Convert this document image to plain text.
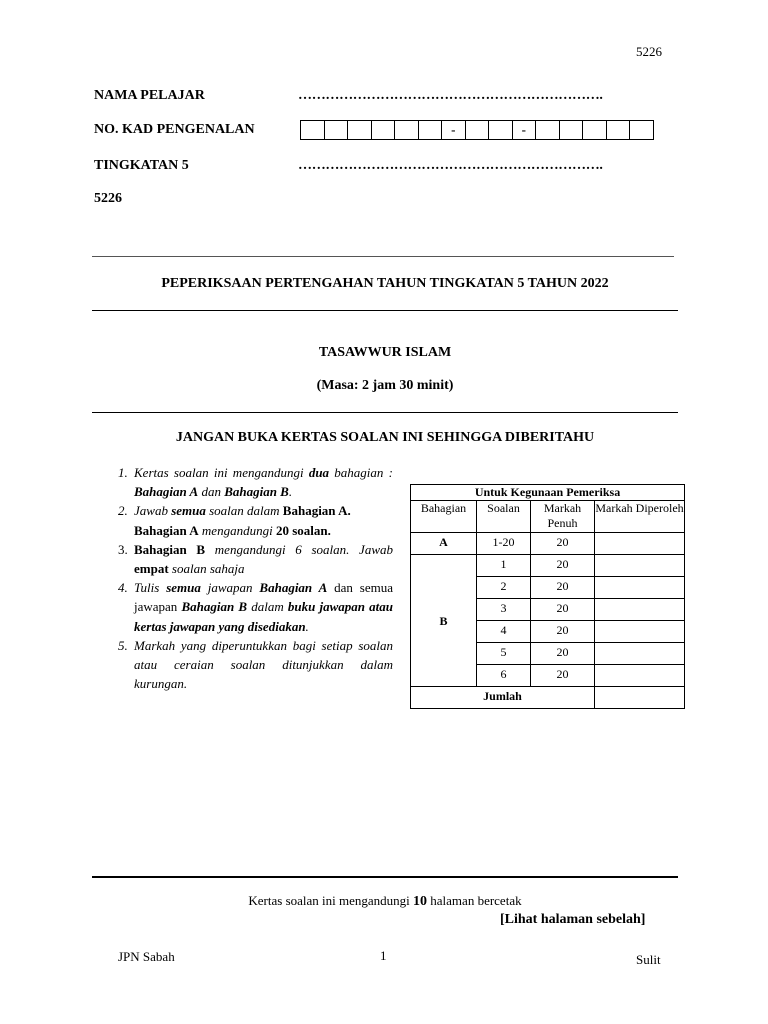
5226
NAMA PELAJAR	………………………………………………………….
NO. KAD PENGENALAN	-	-
TINGKATAN 5	………………………………………………………….
5226
PEPERIKSAAN PERTENGAHAN TAHUN TINGKATAN 5 TAHUN 2022
TASAWWUR ISLAM
(Masa: 2 jam 30 minit)
JANGAN BUKA KERTAS SOALAN INI SEHINGGA DIBERITAHU
1. Kertas soalan ini mengandungi dua bahagian : Bahagian A dan Bahagian B.
2. Jawab semua soalan dalam Bahagian A.
Bahagian A mengandungi 20 soalan.
3. Bahagian B mengandungi 6 soalan. Jawab empat soalan sahaja
4. Tulis semua jawapan Bahagian A dan semua jawapan Bahagian B dalam buku jawapan atau kertas jawapan yang disediakan.
5. Markah yang diperuntukkan bagi setiap soalan atau ceraian soalan ditunjukkan dalam kurungan.
Untuk Kegunaan Pemeriksa			
Bahagian	Soalan	Markah Penuh	Markah Diperoleh
A	1-20	20	
B	1	20	
	2	20	
	3	20	
	4	20	
	5	20	
	6	20	
Jumlah			
Kertas soalan ini mengandungi 10 halaman bercetak
[Lihat halaman sebelah]
JPN Sabah	1	Sulit
